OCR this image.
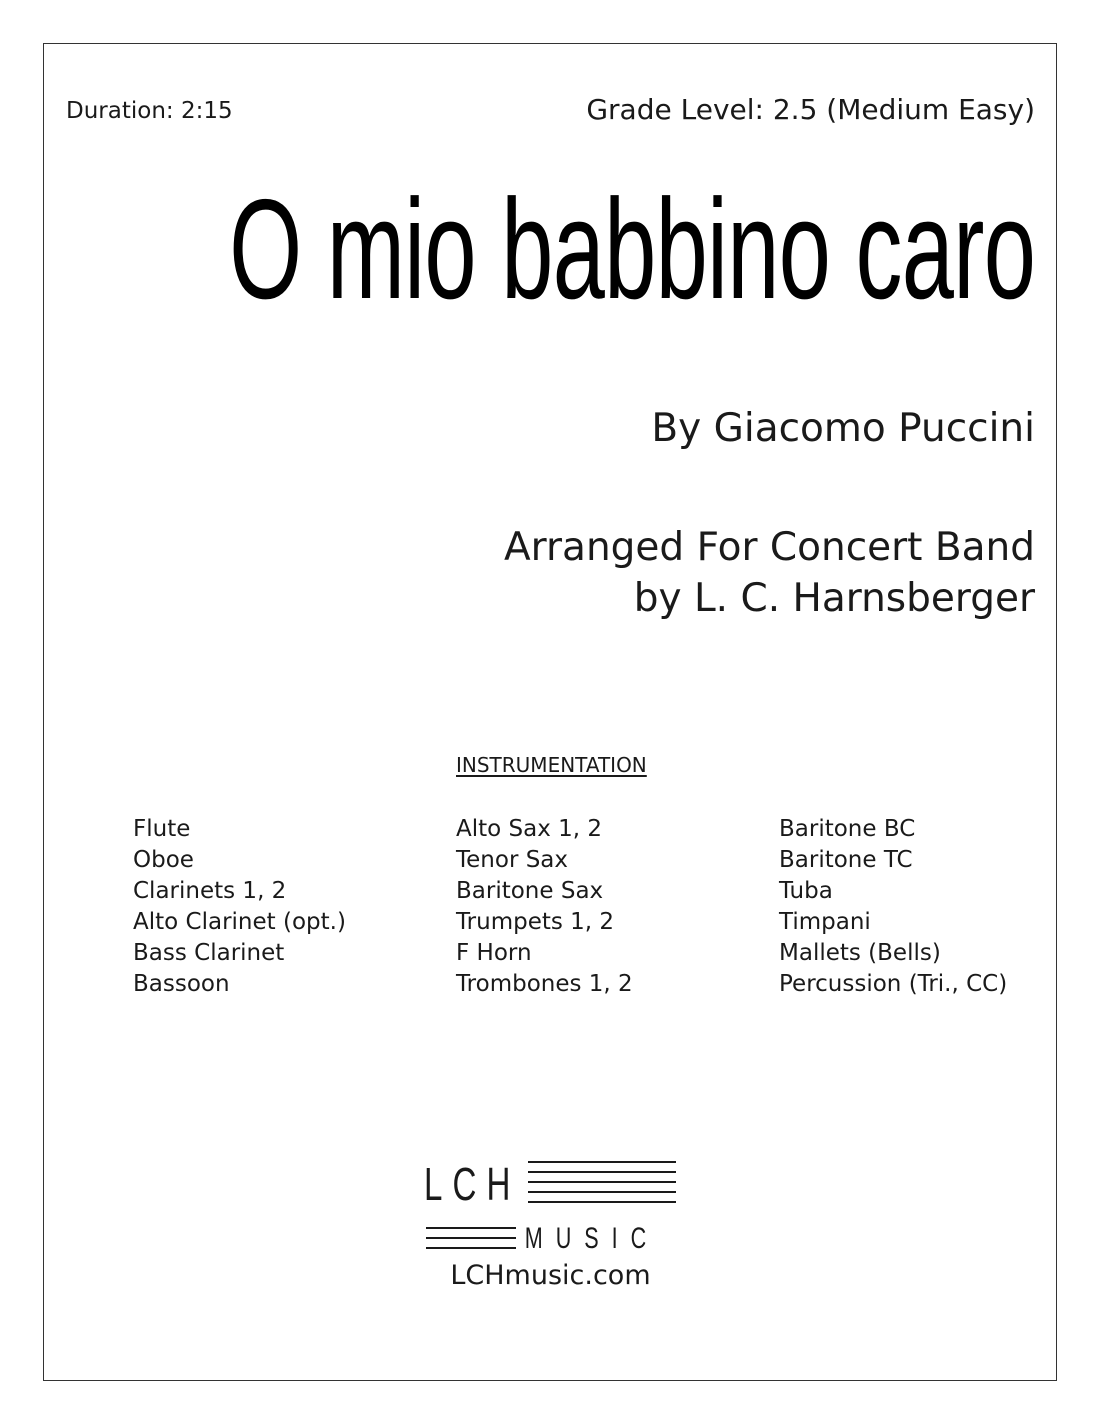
Duration: 2:15	Grade Level: 2.5 (Medium Easy)
O mio babbino caro
By Giacomo Puccini
Arranged For Concert Band
by L. C. Harnsberger
INSTRUMENTATION
Flute
Oboe
Clarinets 1, 2
Alto Clarinet (opt.)
Bass Clarinet
Bassoon
Alto Sax 1, 2
Tenor Sax
Baritone Sax
Trumpets 1, 2
F Horn
Trombones 1, 2
Baritone BC
Baritone TC
Tuba
Timpani
Mallets (Bells)
Percussion (Tri., CC)
LCH
MUSIC
LCHmusic.com
